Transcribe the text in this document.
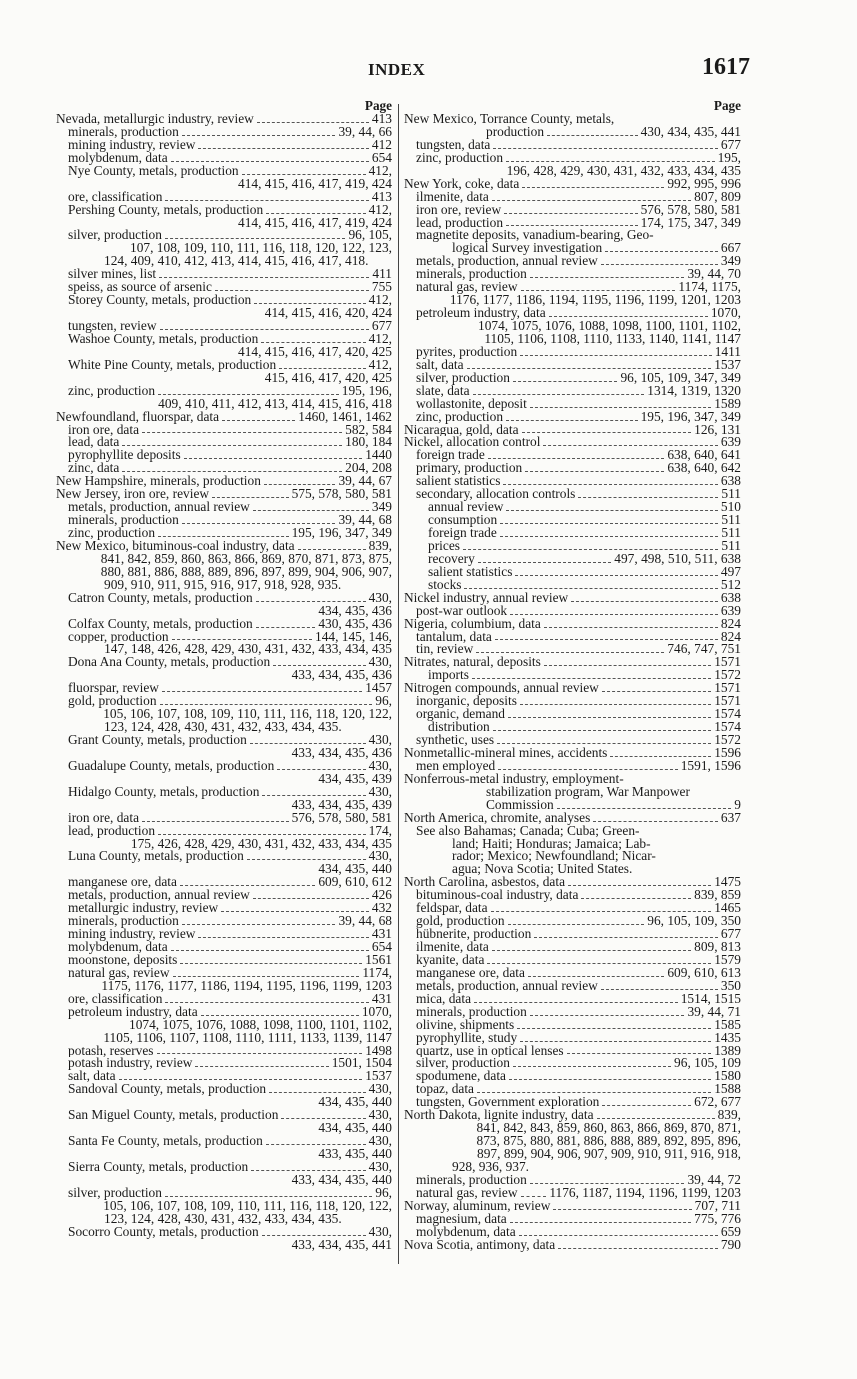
INDEX	1617
Page
Nevada, metallurgic industry, review	413
minerals, production	39, 44, 66
mining industry, review	412
molybdenum, data	654
Nye County, metals, production	412,
414, 415, 416, 417, 419, 424
ore, classification	413
Pershing County, metals, production	412,
414, 415, 416, 417, 419, 424
silver, production	96, 105,
107, 108, 109, 110, 111, 116, 118, 120, 122, 123,
124, 409, 410, 412, 413, 414, 415, 416, 417, 418.
silver mines, list	411
speiss, as source of arsenic	755
Storey County, metals, production	412,
414, 415, 416, 420, 424
tungsten, review	677
Washoe County, metals, production	412,
414, 415, 416, 417, 420, 425
White Pine County, metals, production	412,
415, 416, 417, 420, 425
zinc, production	195, 196,
409, 410, 411, 412, 413, 414, 415, 416, 418
Newfoundland, fluorspar, data	1460, 1461, 1462
iron ore, data	582, 584
lead, data	180, 184
pyrophyllite deposits	1440
zinc, data	204, 208
New Hampshire, minerals, production	39, 44, 67
New Jersey, iron ore, review	575, 578, 580, 581
metals, production, annual review	349
minerals, production	39, 44, 68
zinc, production	195, 196, 347, 349
New Mexico, bituminous-coal industry, data	839,
841, 842, 859, 860, 863, 866, 869, 870, 871, 873, 875,
880, 881, 886, 888, 889, 896, 897, 899, 904, 906, 907,
909, 910, 911, 915, 916, 917, 918, 928, 935.
Catron County, metals, production	430,
434, 435, 436
Colfax County, metals, production	430, 435, 436
copper, production	144, 145, 146,
147, 148, 426, 428, 429, 430, 431, 432, 433, 434, 435
Dona Ana County, metals, production	430,
433, 434, 435, 436
fluorspar, review	1457
gold, production	96,
105, 106, 107, 108, 109, 110, 111, 116, 118, 120, 122,
123, 124, 428, 430, 431, 432, 433, 434, 435.
Grant County, metals, production	430,
433, 434, 435, 436
Guadalupe County, metals, production	430,
434, 435, 439
Hidalgo County, metals, production	430,
433, 434, 435, 439
iron ore, data	576, 578, 580, 581
lead, production	174,
175, 426, 428, 429, 430, 431, 432, 433, 434, 435
Luna County, metals, production	430,
434, 435, 440
manganese ore, data	609, 610, 612
metals, production, annual review	426
metallurgic industry, review	432
minerals, production	39, 44, 68
mining industry, review	431
molybdenum, data	654
moonstone, deposits	1561
natural gas, review	1174,
1175, 1176, 1177, 1186, 1194, 1195, 1196, 1199, 1203
ore, classification	431
petroleum industry, data	1070,
1074, 1075, 1076, 1088, 1098, 1100, 1101, 1102,
1105, 1106, 1107, 1108, 1110, 1111, 1133, 1139, 1147
potash, reserves	1498
potash industry, review	1501, 1504
salt, data	1537
Sandoval County, metals, production	430,
434, 435, 440
San Miguel County, metals, production	430,
434, 435, 440
Santa Fe County, metals, production	430,
433, 435, 440
Sierra County, metals, production	430,
433, 434, 435, 440
silver, production	96,
105, 106, 107, 108, 109, 110, 111, 116, 118, 120, 122,
123, 124, 428, 430, 431, 432, 433, 434, 435.
Socorro County, metals, production	430,
433, 434, 435, 441
Page
New Mexico, Torrance County, metals,
production	430, 434, 435, 441
tungsten, data	677
zinc, production	195,
196, 428, 429, 430, 431, 432, 433, 434, 435
New York, coke, data	992, 995, 996
ilmenite, data	807, 809
iron ore, review	576, 578, 580, 581
lead, production	174, 175, 347, 349
magnetite deposits, vanadium-bearing, Geo-
logical Survey investigation	667
metals, production, annual review	349
minerals, production	39, 44, 70
natural gas, review	1174, 1175,
1176, 1177, 1186, 1194, 1195, 1196, 1199, 1201, 1203
petroleum industry, data	1070,
1074, 1075, 1076, 1088, 1098, 1100, 1101, 1102,
1105, 1106, 1108, 1110, 1133, 1140, 1141, 1147
pyrites, production	1411
salt, data	1537
silver, production	96, 105, 109, 347, 349
slate, data	1314, 1319, 1320
wollastonite, deposit	1589
zinc, production	195, 196, 347, 349
Nicaragua, gold, data	126, 131
Nickel, allocation control	639
foreign trade	638, 640, 641
primary, production	638, 640, 642
salient statistics	638
secondary, allocation controls	511
annual review	510
consumption	511
foreign trade	511
prices	511
recovery	497, 498, 510, 511, 638
salient statistics	497
stocks	512
Nickel industry, annual review	638
post-war outlook	639
Nigeria, columbium, data	824
tantalum, data	824
tin, review	746, 747, 751
Nitrates, natural, deposits	1571
imports	1572
Nitrogen compounds, annual review	1571
inorganic, deposits	1571
organic, demand	1574
distribution	1574
synthetic, uses	1572
Nonmetallic-mineral mines, accidents	1596
men employed	1591, 1596
Nonferrous-metal industry, employment-
stabilization program, War Manpower
Commission	9
North America, chromite, analyses	637
See also Bahamas; Canada; Cuba; Green-
land; Haiti; Honduras; Jamaica; Lab-
rador; Mexico; Newfoundland; Nicar-
agua; Nova Scotia; United States.
North Carolina, asbestos, data	1475
bituminous-coal industry, data	839, 859
feldspar, data	1465
gold, production	96, 105, 109, 350
hübnerite, production	677
ilmenite, data	809, 813
kyanite, data	1579
manganese ore, data	609, 610, 613
metals, production, annual review	350
mica, data	1514, 1515
minerals, production	39, 44, 71
olivine, shipments	1585
pyrophyllite, study	1435
quartz, use in optical lenses	1389
silver, production	96, 105, 109
spodumene, data	1580
topaz, data	1588
tungsten, Government exploration	672, 677
North Dakota, lignite industry, data	839,
841, 842, 843, 859, 860, 863, 866, 869, 870, 871,
873, 875, 880, 881, 886, 888, 889, 892, 895, 896,
897, 899, 904, 906, 907, 909, 910, 911, 916, 918,
928, 936, 937.
minerals, production	39, 44, 72
natural gas, review 1176, 1187, 1194, 1196, 1199, 1203
Norway, aluminum, review	707, 711
magnesium, data	775, 776
molybdenum, data	659
Nova Scotia, antimony, data	790
